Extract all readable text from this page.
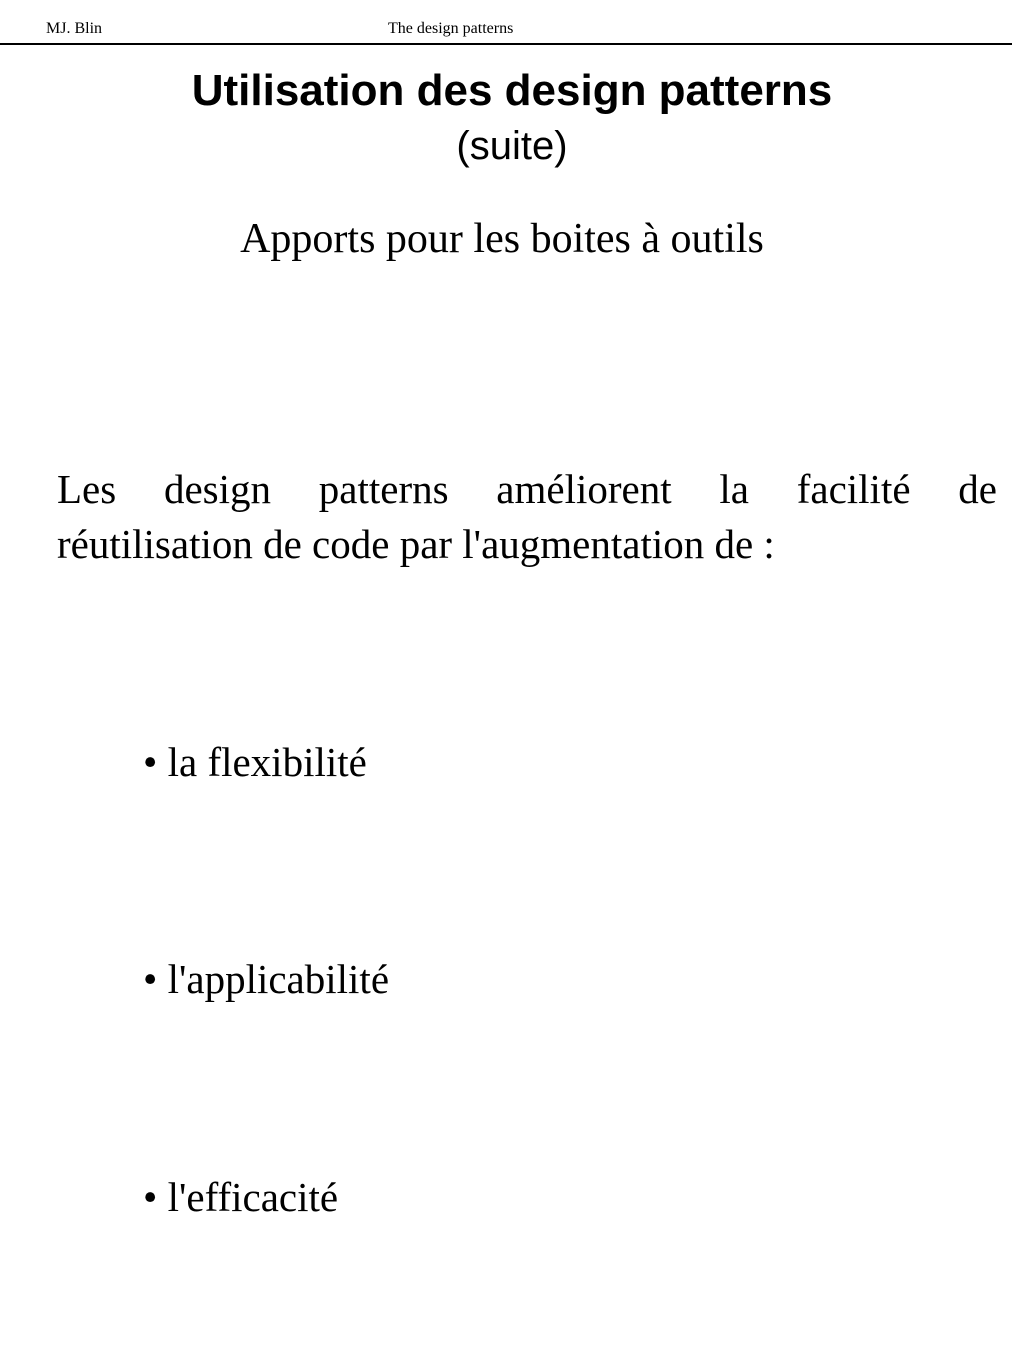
MJ. Blin	The design patterns
Utilisation des design patterns
(suite)
Apports pour les boites à outils
Les design patterns améliorent la facilité de
réutilisation de code par l'augmentation de :
• la flexibilité
• l'applicabilité
• l'efficacité
